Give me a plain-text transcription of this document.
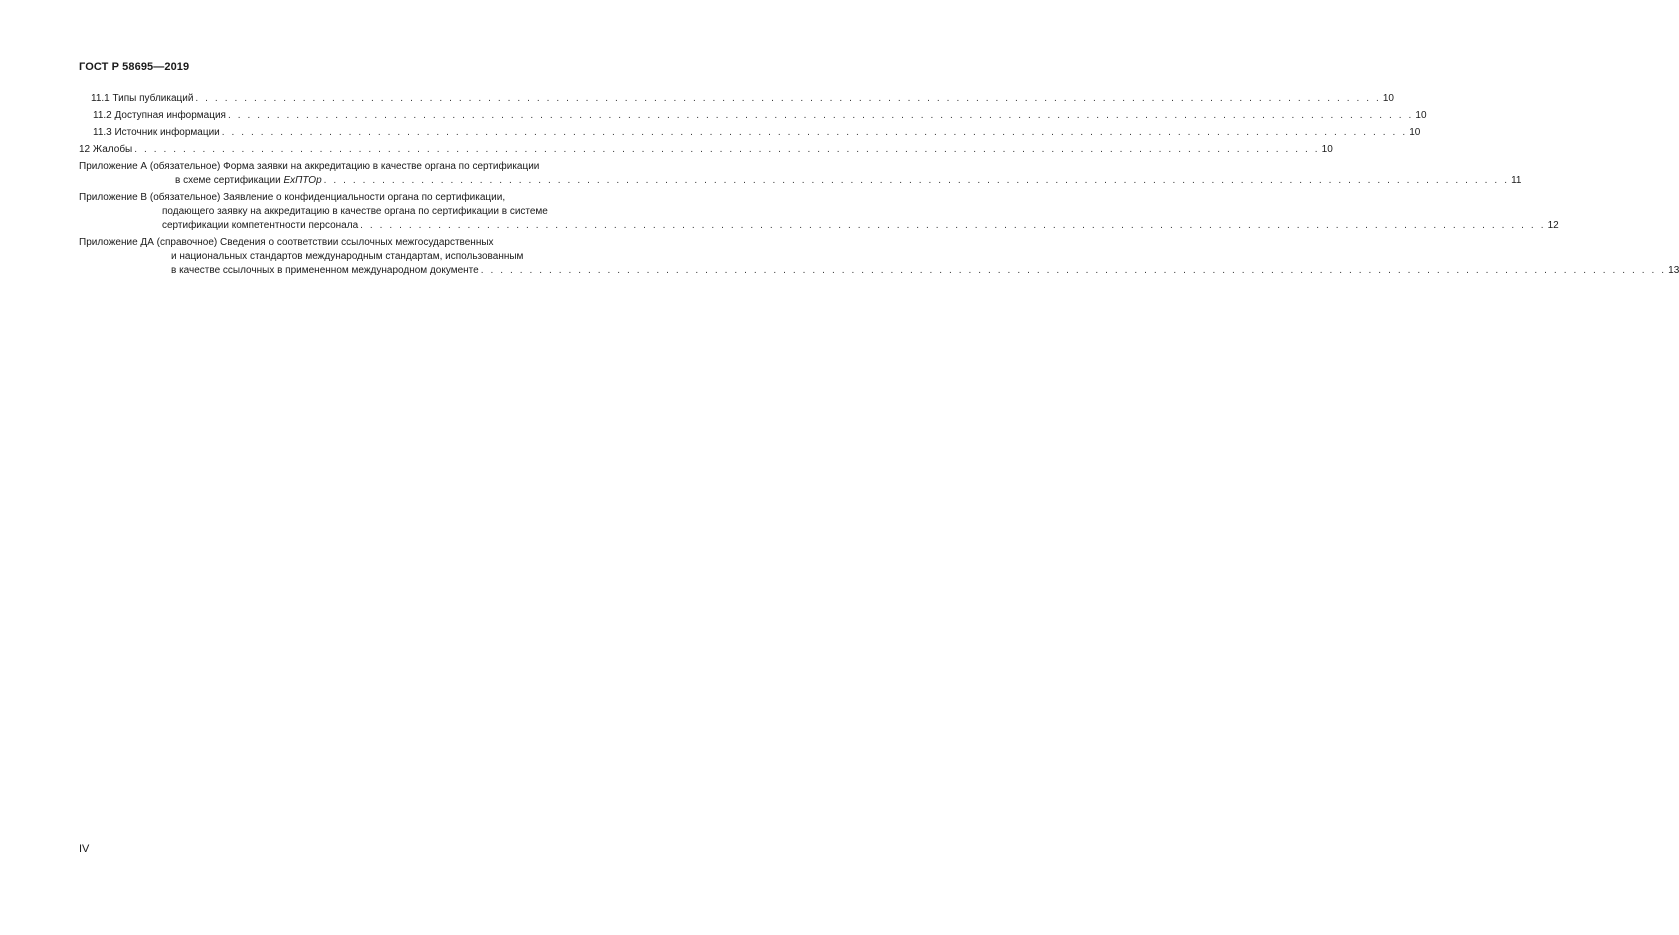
ГОСТ Р 58695—2019
11.1 Типы публикаций . . . . . . . . . . . . . . . . . . . . . . . . . . . . . . . . . . . . . . . . . . . . . . . . . . . . . . . . . . . . . . . . . . . . . . . . . . . . . . . . . . . . . . . . . . . . . . . . . . . . . . . . . . . . . . . . . . . . . . . . . . 10
11.2 Доступная информация . . . . . . . . . . . . . . . . . . . . . . . . . . . . . . . . . . . . . . . . . . . . . . . . . . . . . . . . . . . . . . . . . . . . . . . . . . . . . . . . . . . . . . . . . . . . . . . . . . . . . . . . . . . . . . . . . . . . . . . . . . 10
11.3 Источник информации . . . . . . . . . . . . . . . . . . . . . . . . . . . . . . . . . . . . . . . . . . . . . . . . . . . . . . . . . . . . . . . . . . . . . . . . . . . . . . . . . . . . . . . . . . . . . . . . . . . . . . . . . . . . . . . . . . . . . . . . . . 10
12 Жалобы . . . . . . . . . . . . . . . . . . . . . . . . . . . . . . . . . . . . . . . . . . . . . . . . . . . . . . . . . . . . . . . . . . . . . . . . . . . . . . . . . . . . . . . . . . . . . . . . . . . . . . . . . . . . . . . . . . . . . . . . . . 10
Приложение А (обязательное) Форма заявки на аккредитацию в качестве органа по сертификации
в схеме сертификации ExПТОр . . . . . . . . . . . . . . . . . . . . . . . . . . . . . . . . . . . . . . . . . . . . . . . . . . . . . . . . . . . . . . . . . . . . . . . . . . . . . . . . . . . . . . . . . . . . . . . . . . . . . . . . . . . . . . . . . . . . . . . . . . 11
Приложение В (обязательное) Заявление о конфиденциальности органа по сертификации,
подающего заявку на аккредитацию в качестве органа по сертификации в системе
сертификации компетентности персонала . . . . . . . . . . . . . . . . . . . . . . . . . . . . . . . . . . . . . . . . . . . . . . . . . . . . . . . . . . . . . . . . . . . . . . . . . . . . . . . . . . . . . . . . . . . . . . . . . . . . . . . . . . . . . . . . . . . . . . . . . . 12
Приложение ДА (справочное) Сведения о соответствии ссылочных межгосударственных
и национальных стандартов международным стандартам, использованным
в качестве ссылочных в примененном международном документе . . . . . . . . . . . . . . . . . . . . . . . . . . . . . . . . . . . . . . . . . . . . . . . . . . . . . . . . . . . . . . . . . . . . . . . . . . . . . . . . . . . . . . . . . . . . . . . . . . . . . . . . . . . . . . . . . . . . . . . . . . 13
IV
